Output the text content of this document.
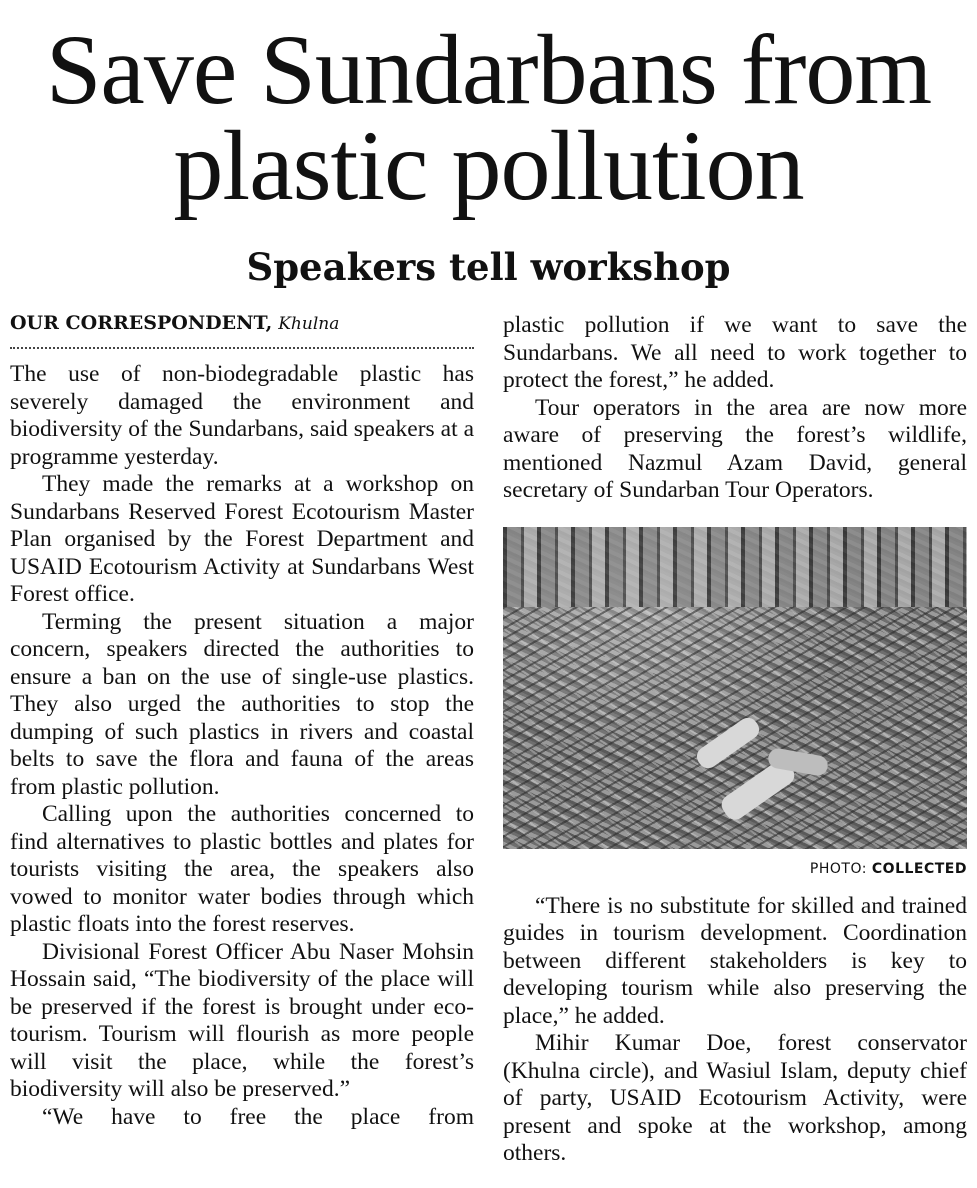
Save Sundarbans from plastic pollution
Speakers tell workshop
OUR CORRESPONDENT, Khulna

The use of non-biodegradable plastic has severely damaged the environment and biodiversity of the Sundarbans, said speakers at a programme yesterday.

They made the remarks at a workshop on Sundarbans Reserved Forest Ecotourism Master Plan organised by the Forest Department and USAID Ecotourism Activity at Sundarbans West Forest office.

Terming the present situation a major concern, speakers directed the authorities to ensure a ban on the use of single-use plastics. They also urged the authorities to stop the dumping of such plastics in rivers and coastal belts to save the flora and fauna of the areas from plastic pollution.

Calling upon the authorities concerned to find alternatives to plastic bottles and plates for tourists visiting the area, the speakers also vowed to monitor water bodies through which plastic floats into the forest reserves.

Divisional Forest Officer Abu Naser Mohsin Hossain said, “The biodiversity of the place will be preserved if the forest is brought under eco-tourism. Tourism will flourish as more people will visit the place, while the forest’s biodiversity will also be preserved.”

“We have to free the place from

plastic pollution if we want to save the Sundarbans. We all need to work together to protect the forest,” he added.

Tour operators in the area are now more aware of preserving the forest’s wildlife, mentioned Nazmul Azam David, general secretary of Sundarban Tour Operators.

PHOTO: COLLECTED

“There is no substitute for skilled and trained guides in tourism development. Coordination between different stakeholders is key to developing tourism while also preserving the place,” he added.

Mihir Kumar Doe, forest conservator (Khulna circle), and Wasiul Islam, deputy chief of party, USAID Ecotourism Activity, were present and spoke at the workshop, among others.
